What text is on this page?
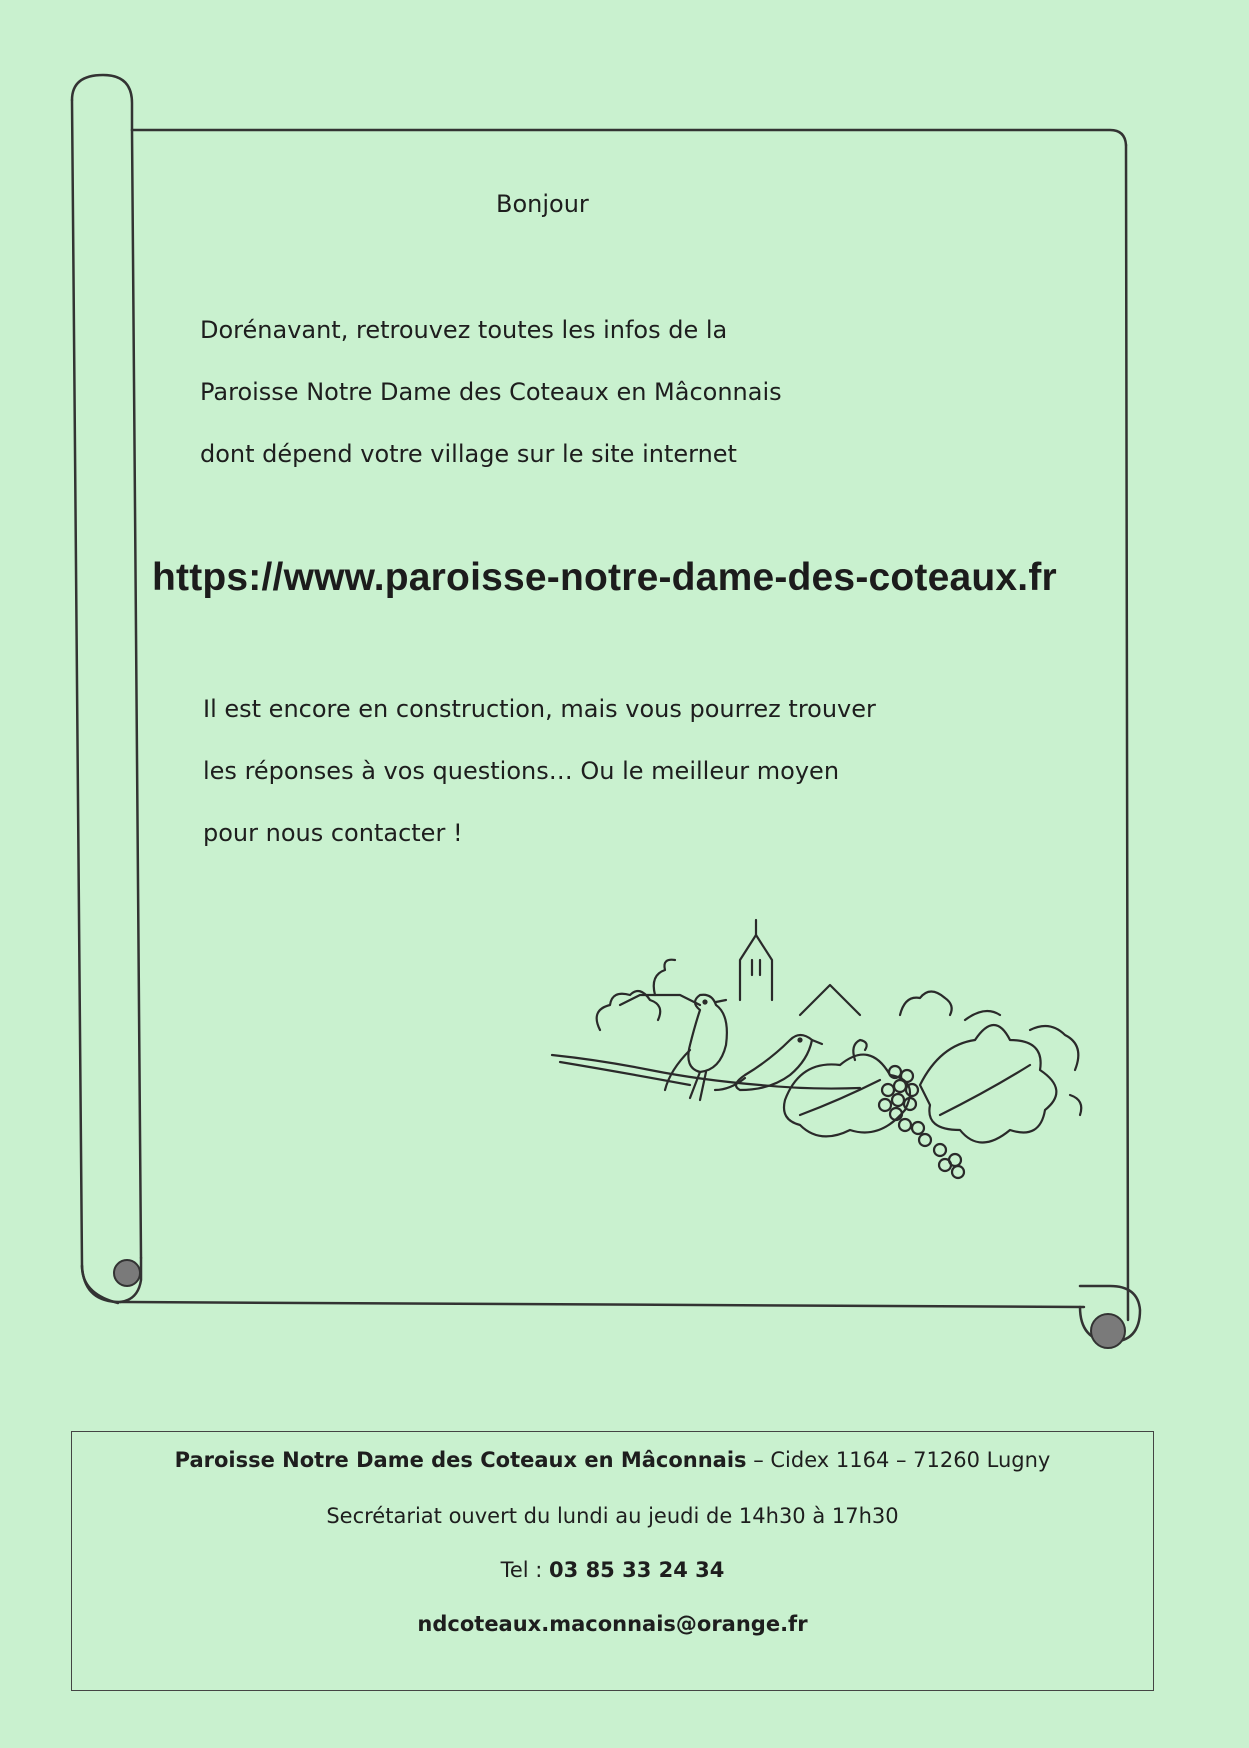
Bonjour
Dorénavant, retrouvez toutes les infos de la
Paroisse Notre Dame des Coteaux en Mâconnais
dont dépend votre village sur le site internet
https://www.paroisse-notre-dame-des-coteaux.fr
Il est encore en construction, mais vous pourrez trouver
les réponses à vos questions… Ou le meilleur moyen
pour nous contacter !
Paroisse Notre Dame des Coteaux en Mâconnais – Cidex 1164 – 71260 Lugny
Secrétariat ouvert du lundi au jeudi de 14h30 à 17h30
Tel : 03 85 33 24 34
ndcoteaux.maconnais@orange.fr
